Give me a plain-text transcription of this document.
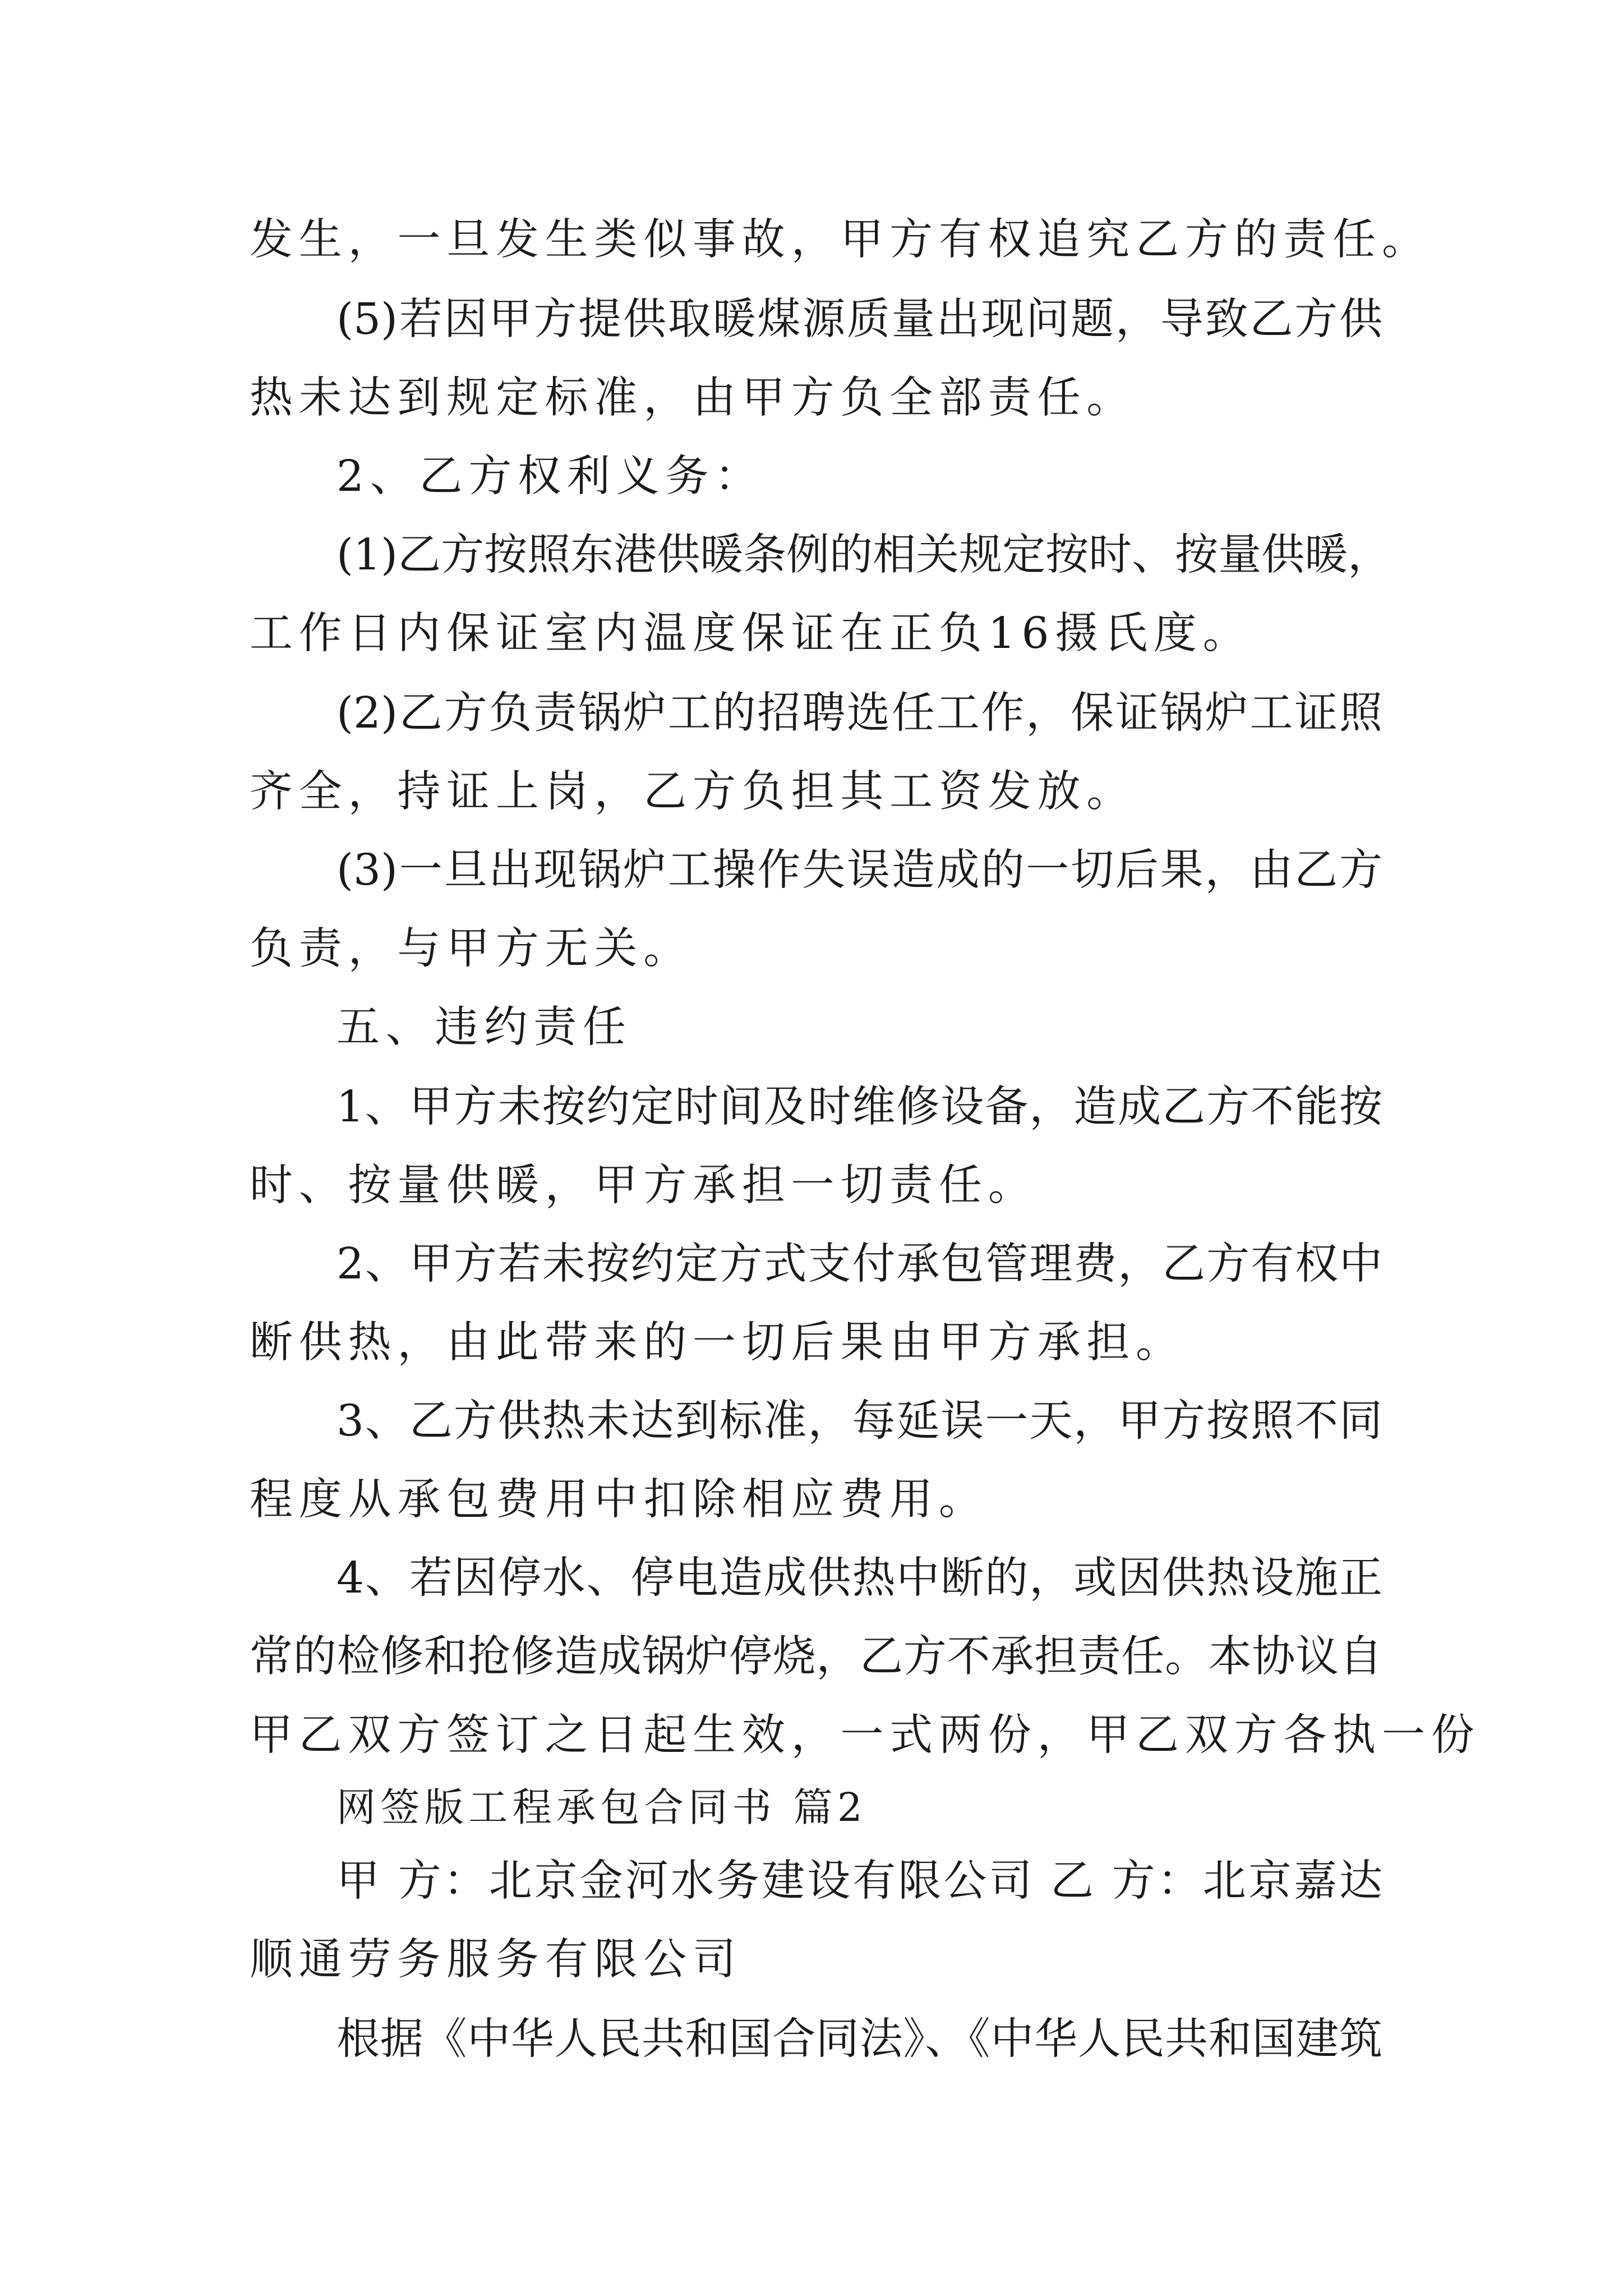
发生，一旦发生类似事故，甲方有权追究乙方的责任。
(5)若因甲方提供取暖煤源质量出现问题，导致乙方供
热未达到规定标准，由甲方负全部责任。
2、乙方权利义务：
(1)乙方按照东港供暖条例的相关规定按时、按量供暖，
工作日内保证室内温度保证在正负16摄氏度。
(2)乙方负责锅炉工的招聘选任工作，保证锅炉工证照
齐全，持证上岗，乙方负担其工资发放。
(3)一旦出现锅炉工操作失误造成的一切后果，由乙方
负责，与甲方无关。
五、违约责任
1、甲方未按约定时间及时维修设备，造成乙方不能按
时、按量供暖，甲方承担一切责任。
2、甲方若未按约定方式支付承包管理费，乙方有权中
断供热，由此带来的一切后果由甲方承担。
3、乙方供热未达到标准，每延误一天，甲方按照不同
程度从承包费用中扣除相应费用。
4、若因停水、停电造成供热中断的，或因供热设施正
常的检修和抢修造成锅炉停烧，乙方不承担责任。本协议自
甲乙双方签订之日起生效，一式两份，甲乙双方各执一份
网签版工程承包合同书 篇2
甲 方：北京金河水务建设有限公司 乙 方：北京嘉达
顺通劳务服务有限公司
根据《中华人民共和国合同法》、《中华人民共和国建筑
